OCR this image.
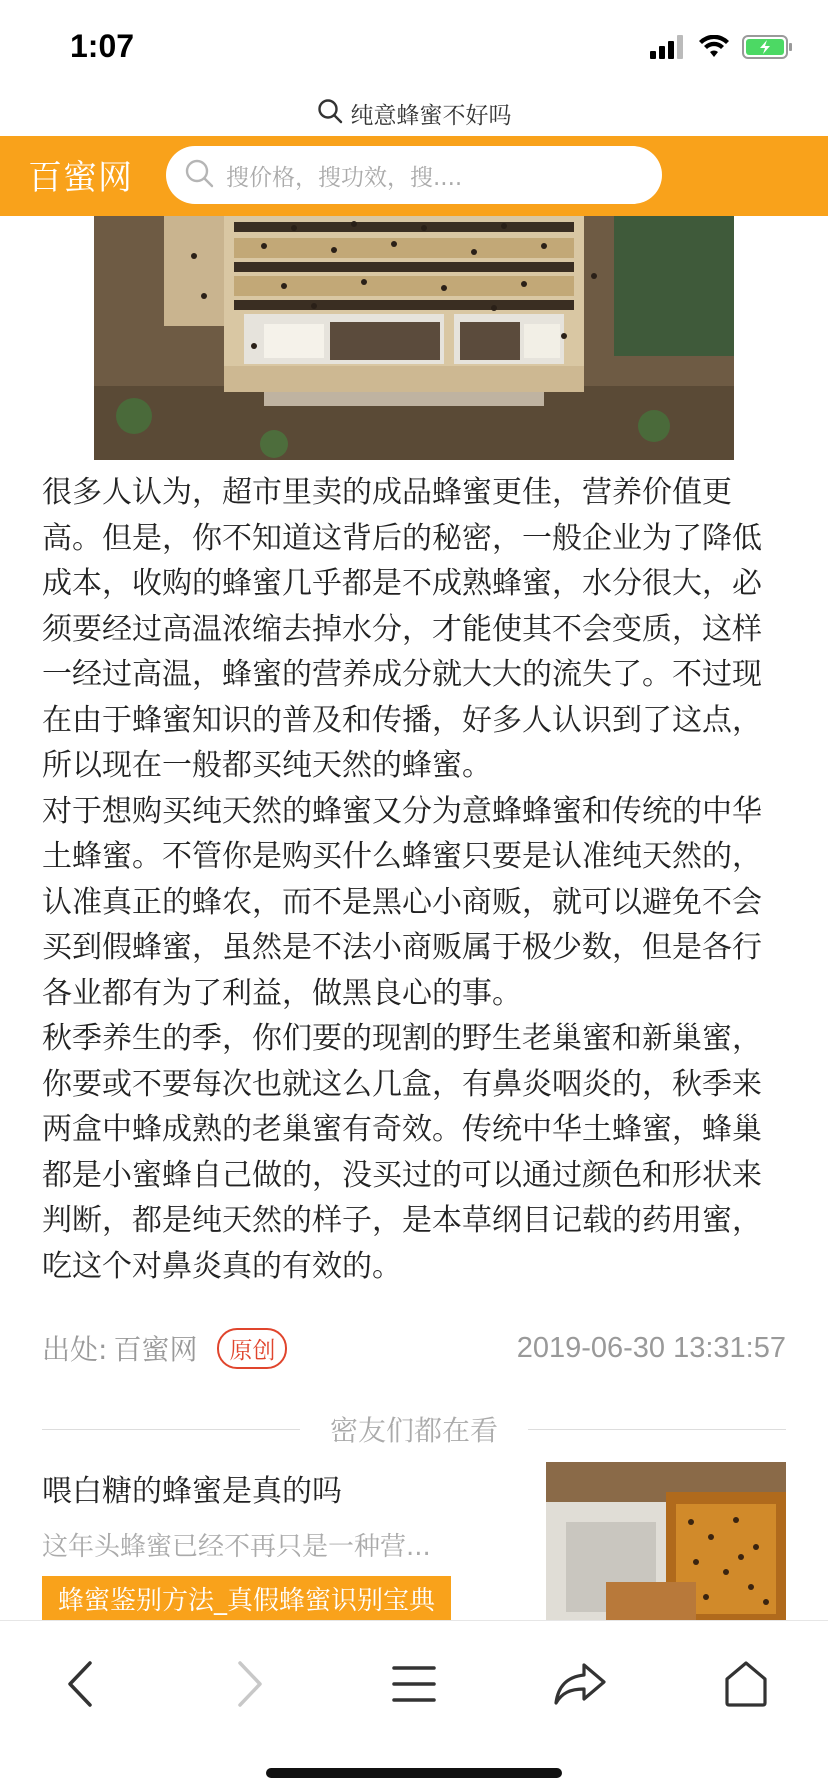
1:07
纯意蜂蜜不好吗
百蜜网	搜价格，搜功效，搜....

很多人认为，超市里卖的成品蜂蜜更佳，营养价值更高。但是，你不知道这背后的秘密，一般企业为了降低成本，收购的蜂蜜几乎都是不成熟蜂蜜，水分很大，必须要经过高温浓缩去掉水分，才能使其不会变质，这样一经过高温，蜂蜜的营养成分就大大的流失了。不过现在由于蜂蜜知识的普及和传播，好多人认识到了这点，所以现在一般都买纯天然的蜂蜜。

对于想购买纯天然的蜂蜜又分为意蜂蜂蜜和传统的中华土蜂蜜。不管你是购买什么蜂蜜只要是认准纯天然的，认准真正的蜂农，而不是黑心小商贩，就可以避免不会买到假蜂蜜，虽然是不法小商贩属于极少数，但是各行各业都有为了利益，做黑良心的事。

秋季养生的季，你们要的现割的野生老巢蜜和新巢蜜，你要或不要每次也就这么几盒，有鼻炎咽炎的，秋季来两盒中蜂成熟的老巢蜜有奇效。传统中华土蜂蜜，蜂巢都是小蜜蜂自己做的，没买过的可以通过颜色和形状来判断，都是纯天然的样子，是本草纲目记载的药用蜜，吃这个对鼻炎真的有效的。

出处: 百蜜网	原创	2019-06-30 13:31:57
密友们都在看
喂白糖的蜂蜜是真的吗
这年头蜂蜜已经不再只是一种营...
蜂蜜鉴别方法_真假蜂蜜识别宝典
